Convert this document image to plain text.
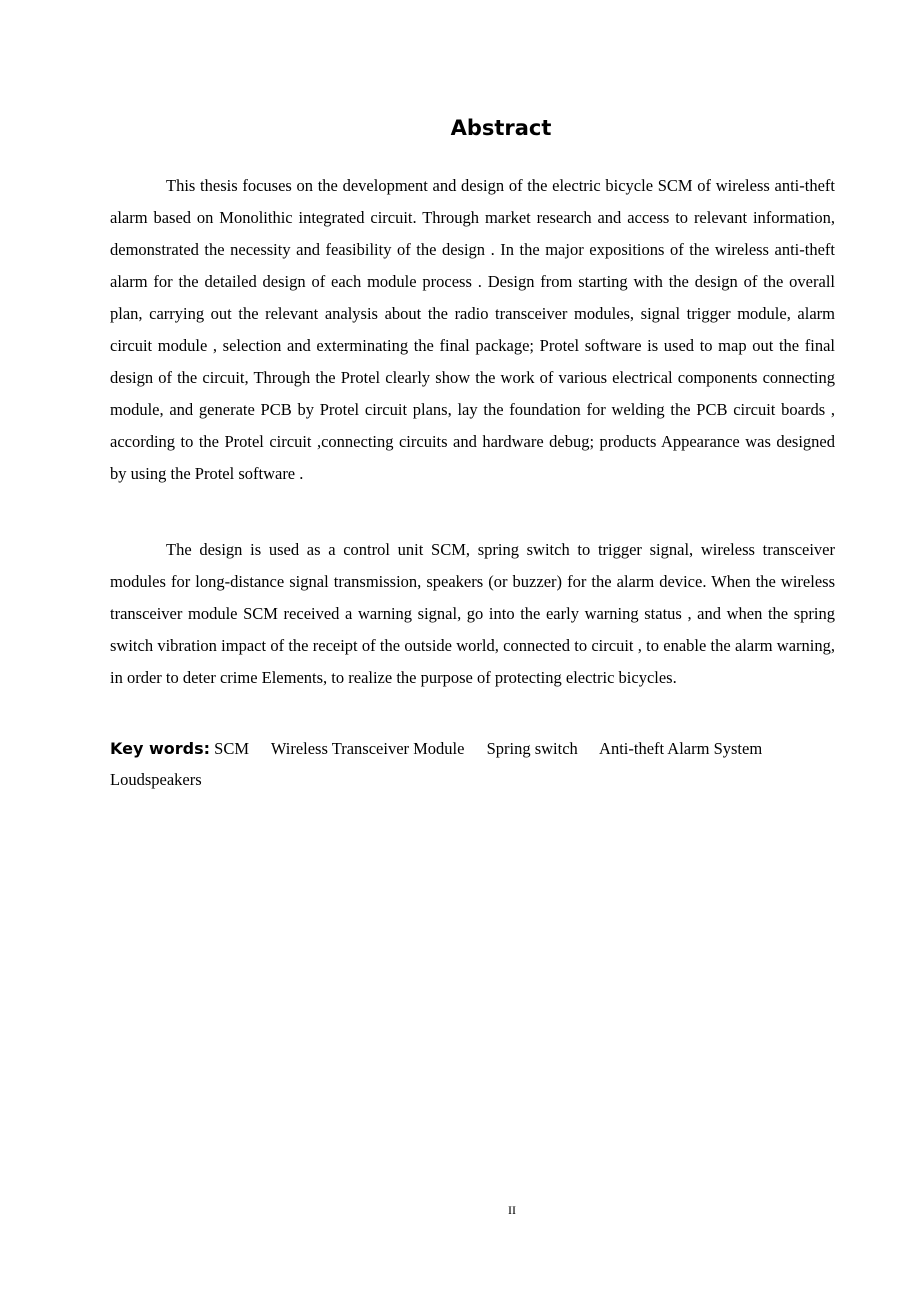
Abstract

This thesis focuses on the development and design of the electric bicycle SCM of wireless anti-theft alarm based on Monolithic integrated circuit. Through market research and access to relevant information, demonstrated the necessity and feasibility of the design . In the major expositions of the wireless anti-theft alarm for the detailed design of each module process . Design from starting with the design of the overall plan, carrying out the relevant analysis about the radio transceiver modules, signal trigger module, alarm circuit module , selection and exterminating the final package; Protel software is used to map out the final design of the circuit, Through the Protel clearly show the work of various electrical components connecting module, and generate PCB by Protel circuit plans, lay the foundation for welding the PCB circuit boards , according to the Protel circuit ,connecting circuits and hardware debug; products Appearance was designed by using the Protel software .

The design is used as a control unit SCM, spring switch to trigger signal, wireless transceiver modules for long-distance signal transmission, speakers (or buzzer) for the alarm device. When the wireless transceiver module SCM received a warning signal, go into the early warning status , and when the spring switch vibration impact of the receipt of the outside world, connected to circuit , to enable the alarm warning, in order to deter crime Elements, to realize the purpose of protecting electric bicycles.

Key words: SCM Wireless Transceiver Module Spring switch Anti-theft Alarm System Loudspeakers

II
